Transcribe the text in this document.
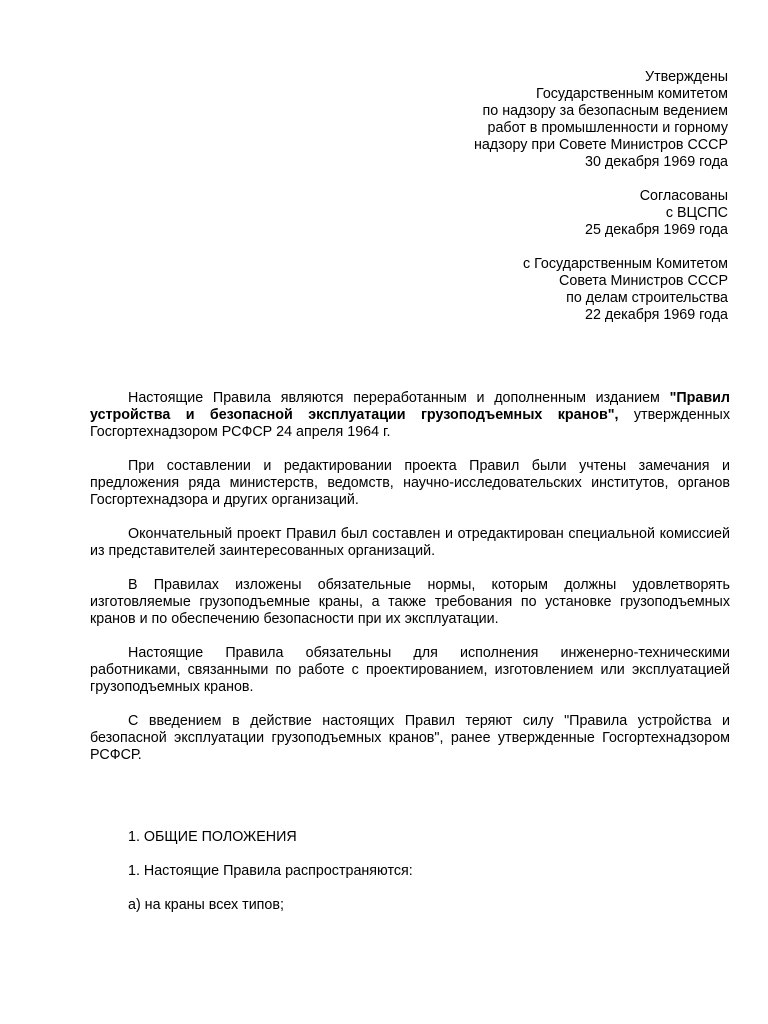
Утверждены
Государственным комитетом
по надзору за безопасным ведением
работ в промышленности и горному
надзору при Совете Министров СССР
30 декабря 1969 года
Согласованы
с ВЦСПС
25 декабря 1969 года
с Государственным Комитетом
Совета Министров СССР
по делам строительства
22 декабря 1969 года

Настоящие Правила являются переработанным и дополненным изданием "Правил устройства и безопасной эксплуатации грузоподъемных кранов", утвержденных Госгортехнадзором РСФСР 24 апреля 1964 г.

При составлении и редактировании проекта Правил были учтены замечания и предложения ряда министерств, ведомств, научно-исследовательских институтов, органов Госгортехнадзора и других организаций.

Окончательный проект Правил был составлен и отредактирован специальной комиссией из представителей заинтересованных организаций.

В Правилах изложены обязательные нормы, которым должны удовлетворять изготовляемые грузоподъемные краны, а также требования по установке грузоподъемных кранов и по обеспечению безопасности при их эксплуатации.

Настоящие Правила обязательны для исполнения инженерно-техническими работниками, связанными по работе с проектированием, изготовлением или эксплуатацией грузоподъемных кранов.

С введением в действие настоящих Правил теряют силу "Правила устройства и безопасной эксплуатации грузоподъемных кранов", ранее утвержденные Госгортехнадзором РСФСР.

1. ОБЩИЕ ПОЛОЖЕНИЯ
1. Настоящие Правила распространяются:
а) на краны всех типов;
